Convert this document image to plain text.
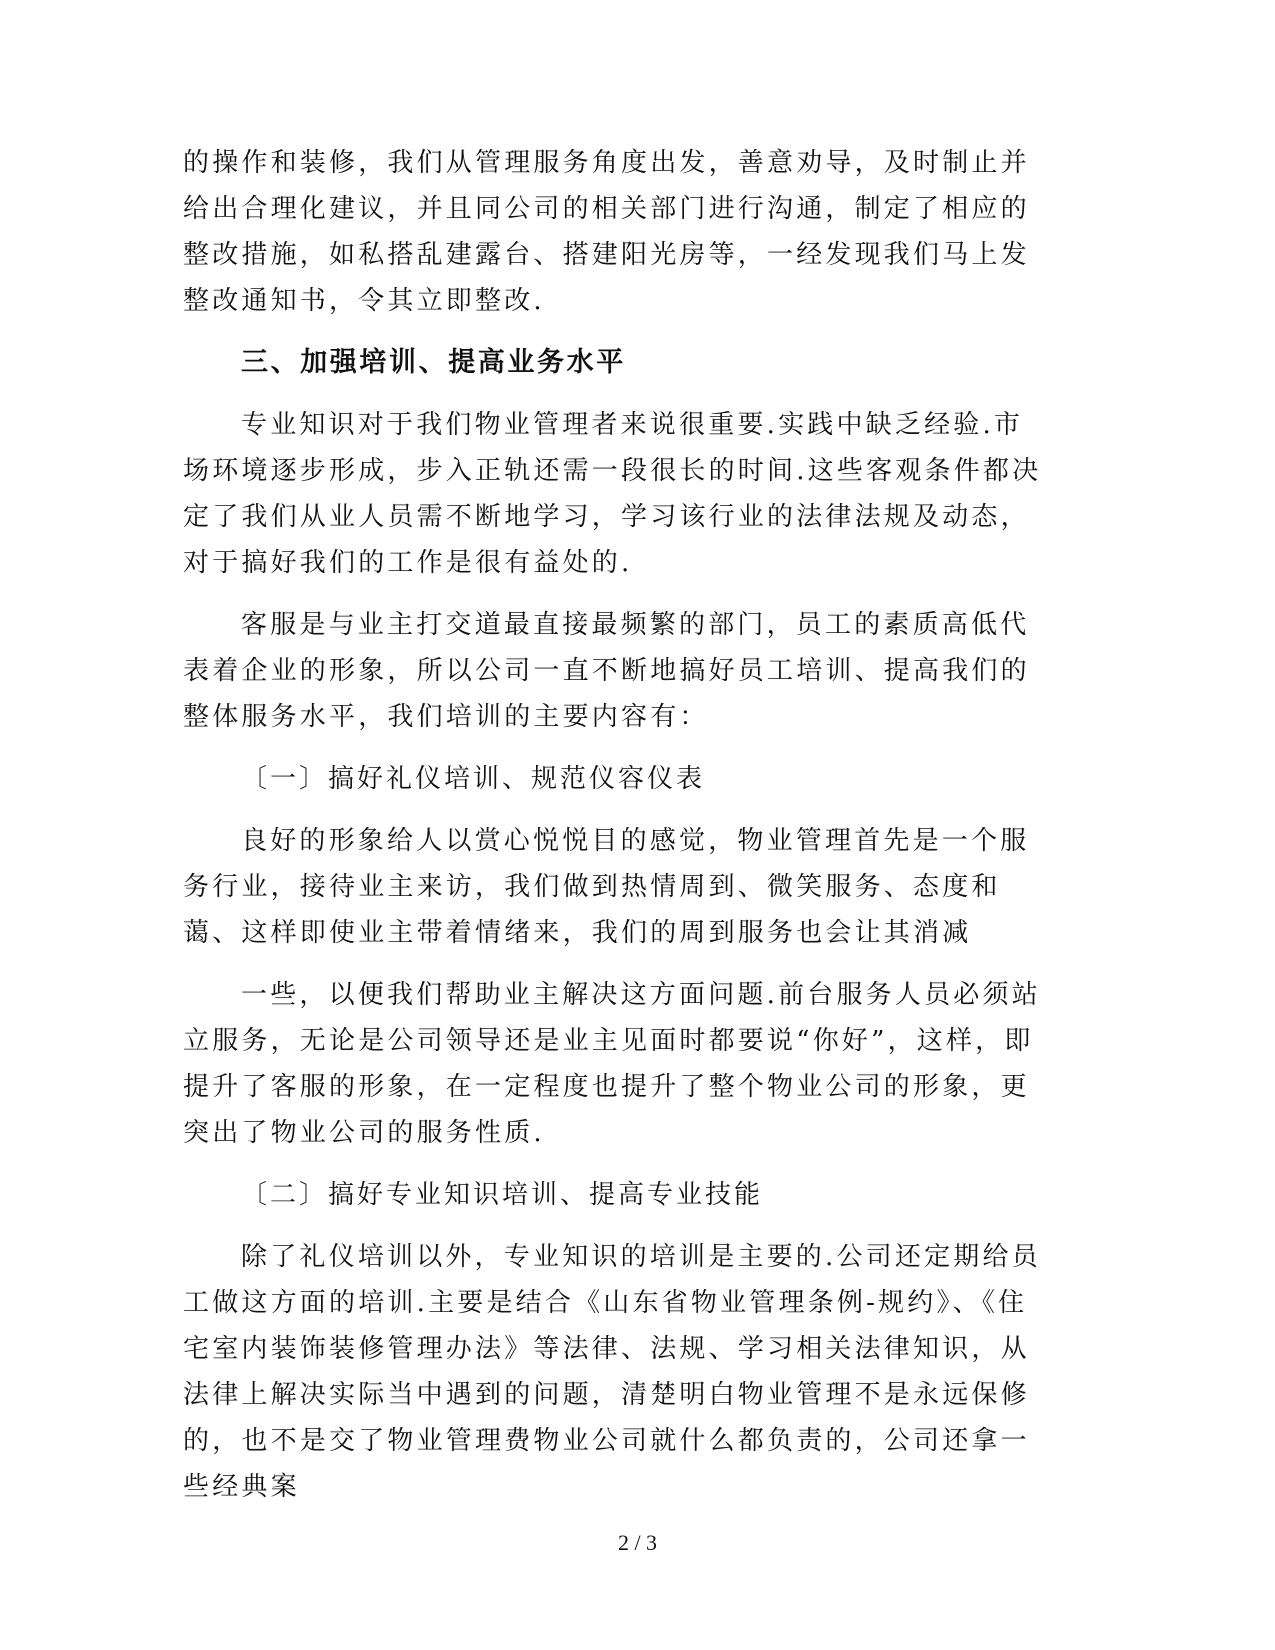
的操作和装修，我们从管理服务角度出发，善意劝导，及时制止并给出合理化建议，并且同公司的相关部门进行沟通，制定了相应的整改措施，如私搭乱建露台、搭建阳光房等，一经发现我们马上发整改通知书，令其立即整改.

三、加强培训、提高业务水平

专业知识对于我们物业管理者来说很重要.实践中缺乏经验.市场环境逐步形成，步入正轨还需一段很长的时间.这些客观条件都决定了我们从业人员需不断地学习，学习该行业的法律法规及动态，对于搞好我们的工作是很有益处的.

客服是与业主打交道最直接最频繁的部门，员工的素质高低代表着企业的形象，所以公司一直不断地搞好员工培训、提高我们的整体服务水平，我们培训的主要内容有：

〔一〕搞好礼仪培训、规范仪容仪表

良好的形象给人以赏心悦悦目的感觉，物业管理首先是一个服务行业，接待业主来访，我们做到热情周到、微笑服务、态度和蔼、这样即使业主带着情绪来，我们的周到服务也会让其消减

一些，以便我们帮助业主解决这方面问题.前台服务人员必须站立服务，无论是公司领导还是业主见面时都要说“你好”，这样，即提升了客服的形象，在一定程度也提升了整个物业公司的形象，更突出了物业公司的服务性质.

〔二〕搞好专业知识培训、提高专业技能

除了礼仪培训以外，专业知识的培训是主要的.公司还定期给员工做这方面的培训.主要是结合《山东省物业管理条例-规约》、《住宅室内装饰装修管理办法》等法律、法规、学习相关法律知识，从法律上解决实际当中遇到的问题，清楚明白物业管理不是永远保修的，也不是交了物业管理费物业公司就什么都负责的，公司还拿一些经典案

2 / 3
